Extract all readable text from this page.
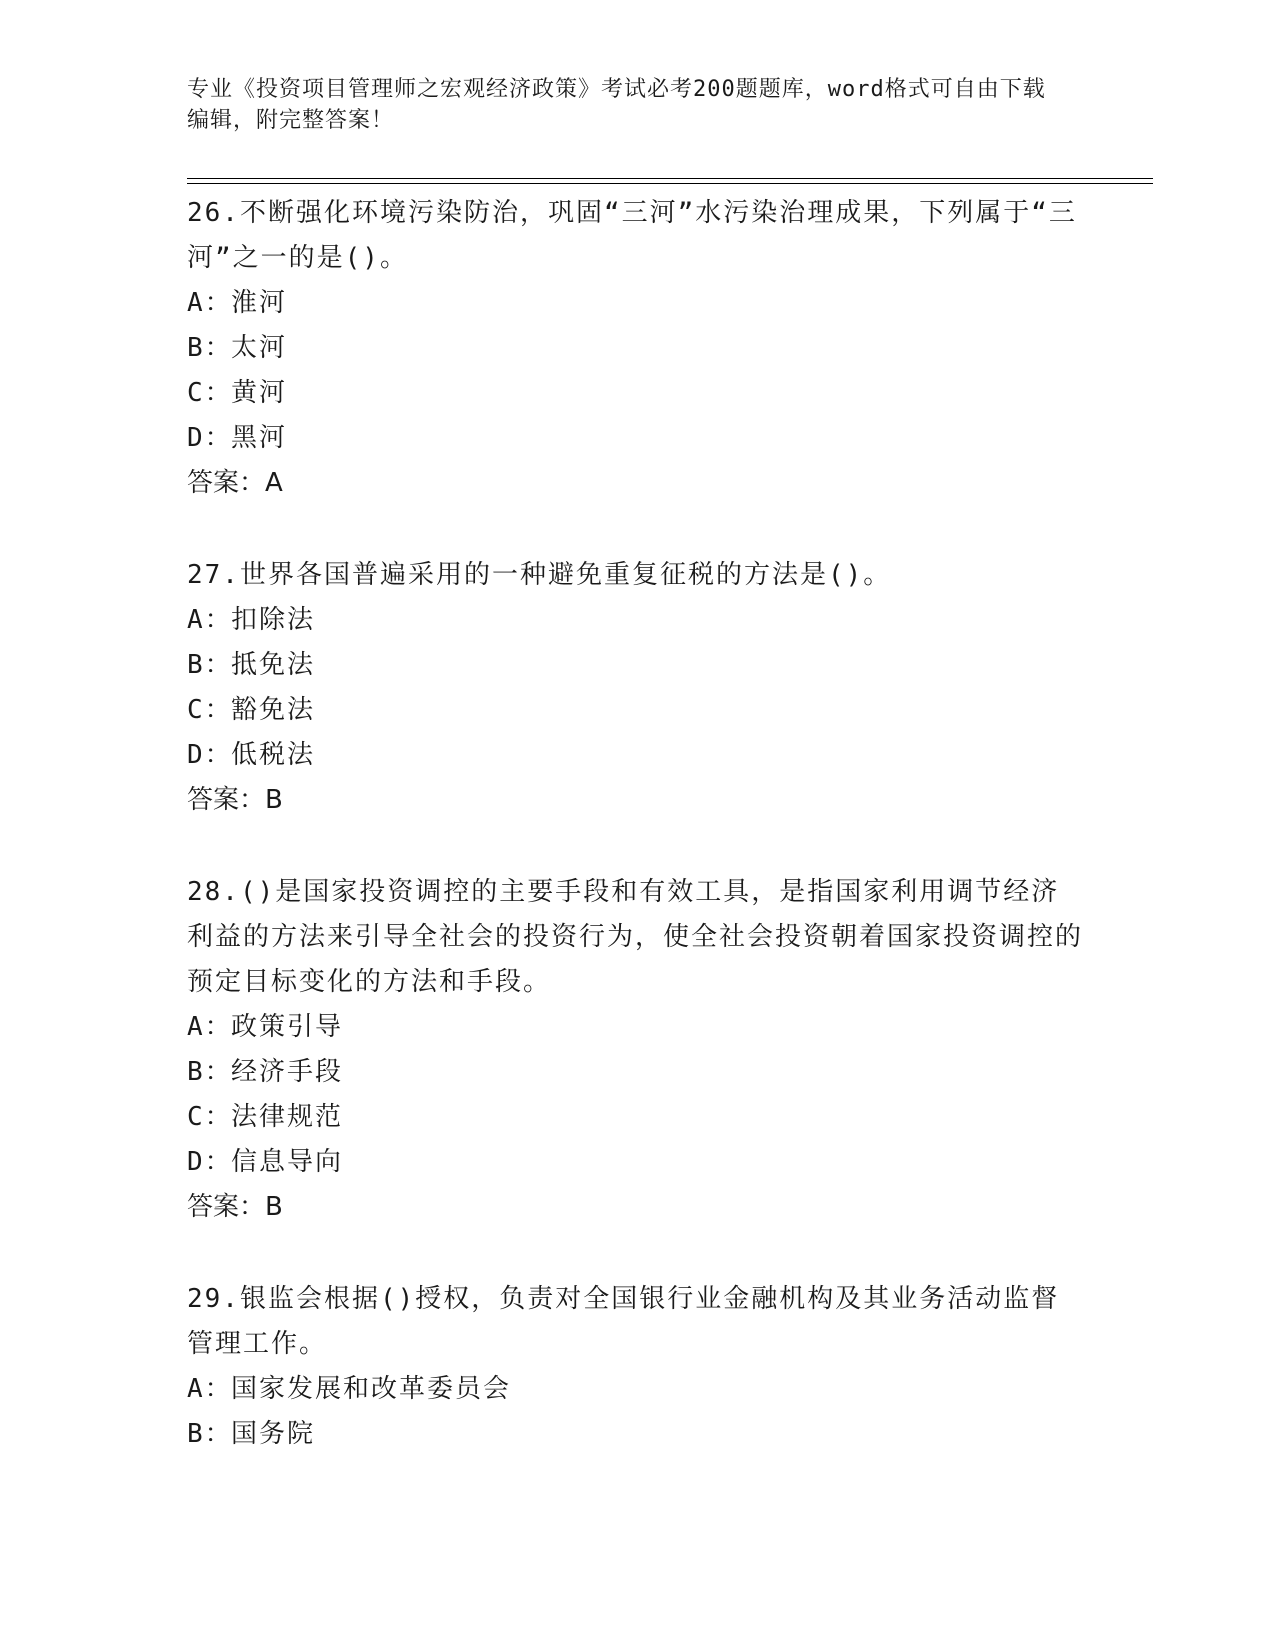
专业《投资项目管理师之宏观经济政策》考试必考200题题库，word格式可自由下载编辑，附完整答案！

26.不断强化环境污染防治，巩固“三河”水污染治理成果，下列属于“三河”之一的是()。

A：淮河

B：太河

C：黄河

D：黑河

答案：A

27.世界各国普遍采用的一种避免重复征税的方法是()。

A：扣除法

B：抵免法

C：豁免法

D：低税法

答案：B

28.()是国家投资调控的主要手段和有效工具，是指国家利用调节经济利益的方法来引导全社会的投资行为，使全社会投资朝着国家投资调控的预定目标变化的方法和手段。

A：政策引导

B：经济手段

C：法律规范

D：信息导向

答案：B

29.银监会根据()授权，负责对全国银行业金融机构及其业务活动监督管理工作。

A：国家发展和改革委员会

B：国务院
